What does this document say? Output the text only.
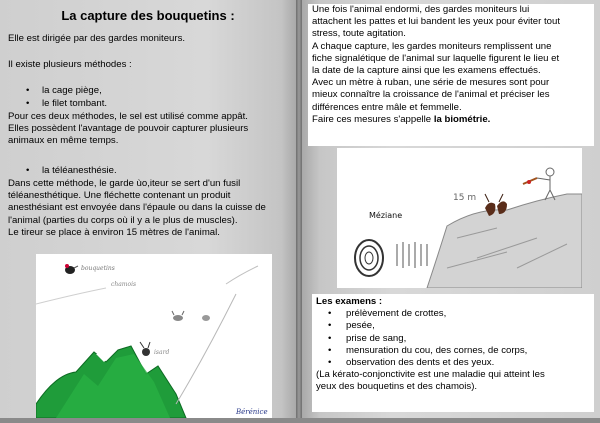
La capture des bouquetins :
Elle est dirigée par des gardes moniteurs.
Il existe plusieurs méthodes :
• la cage piège,
• le filet tombant.

Pour ces deux méthodes, le sel est utilisé comme appât.

Elles possèdent l'avantage de pouvoir capturer plusieurs

animaux en même temps.

• la téléanesthésie.

Dans cette méthode, le garde ùo,iteur se sert d'un fusil

téléanesthétique. Une fléchette contenant un produit

anesthésiant est envoyée dans l'épaule ou dans la cuisse de

l'animal (parties du corps où il y a le plus de muscles).

Le tireur se place à environ 15 mètres de l'animal.

bouquetins
chamois
isard
Bérénice

Une fois l'animal endormi, des gardes moniteurs lui

attachent les pattes et lui bandent les yeux pour éviter tout

stress, toute agitation.

A chaque capture, les gardes moniteurs remplissent une

fiche signalétique de l'animal sur laquelle figurent le lieu et

la date de la capture ainsi que les examens effectués.

Avec un mètre à ruban, une série de mesures sont pour

mieux connaître la croissance de l'animal et préciser les

différences entre mâle et femmelle.

Faire ces mesures s'appelle la biométrie.

15 m
Méziane

Les examens :

• prélèvement de crottes,
• pesée,
• prise de sang,
• mensuration du cou, des cornes, de corps,
• observation des dents et des yeux.

(La kérato-conjonctivite est une maladie qui atteint les
yeux des bouquetins et des chamois).
